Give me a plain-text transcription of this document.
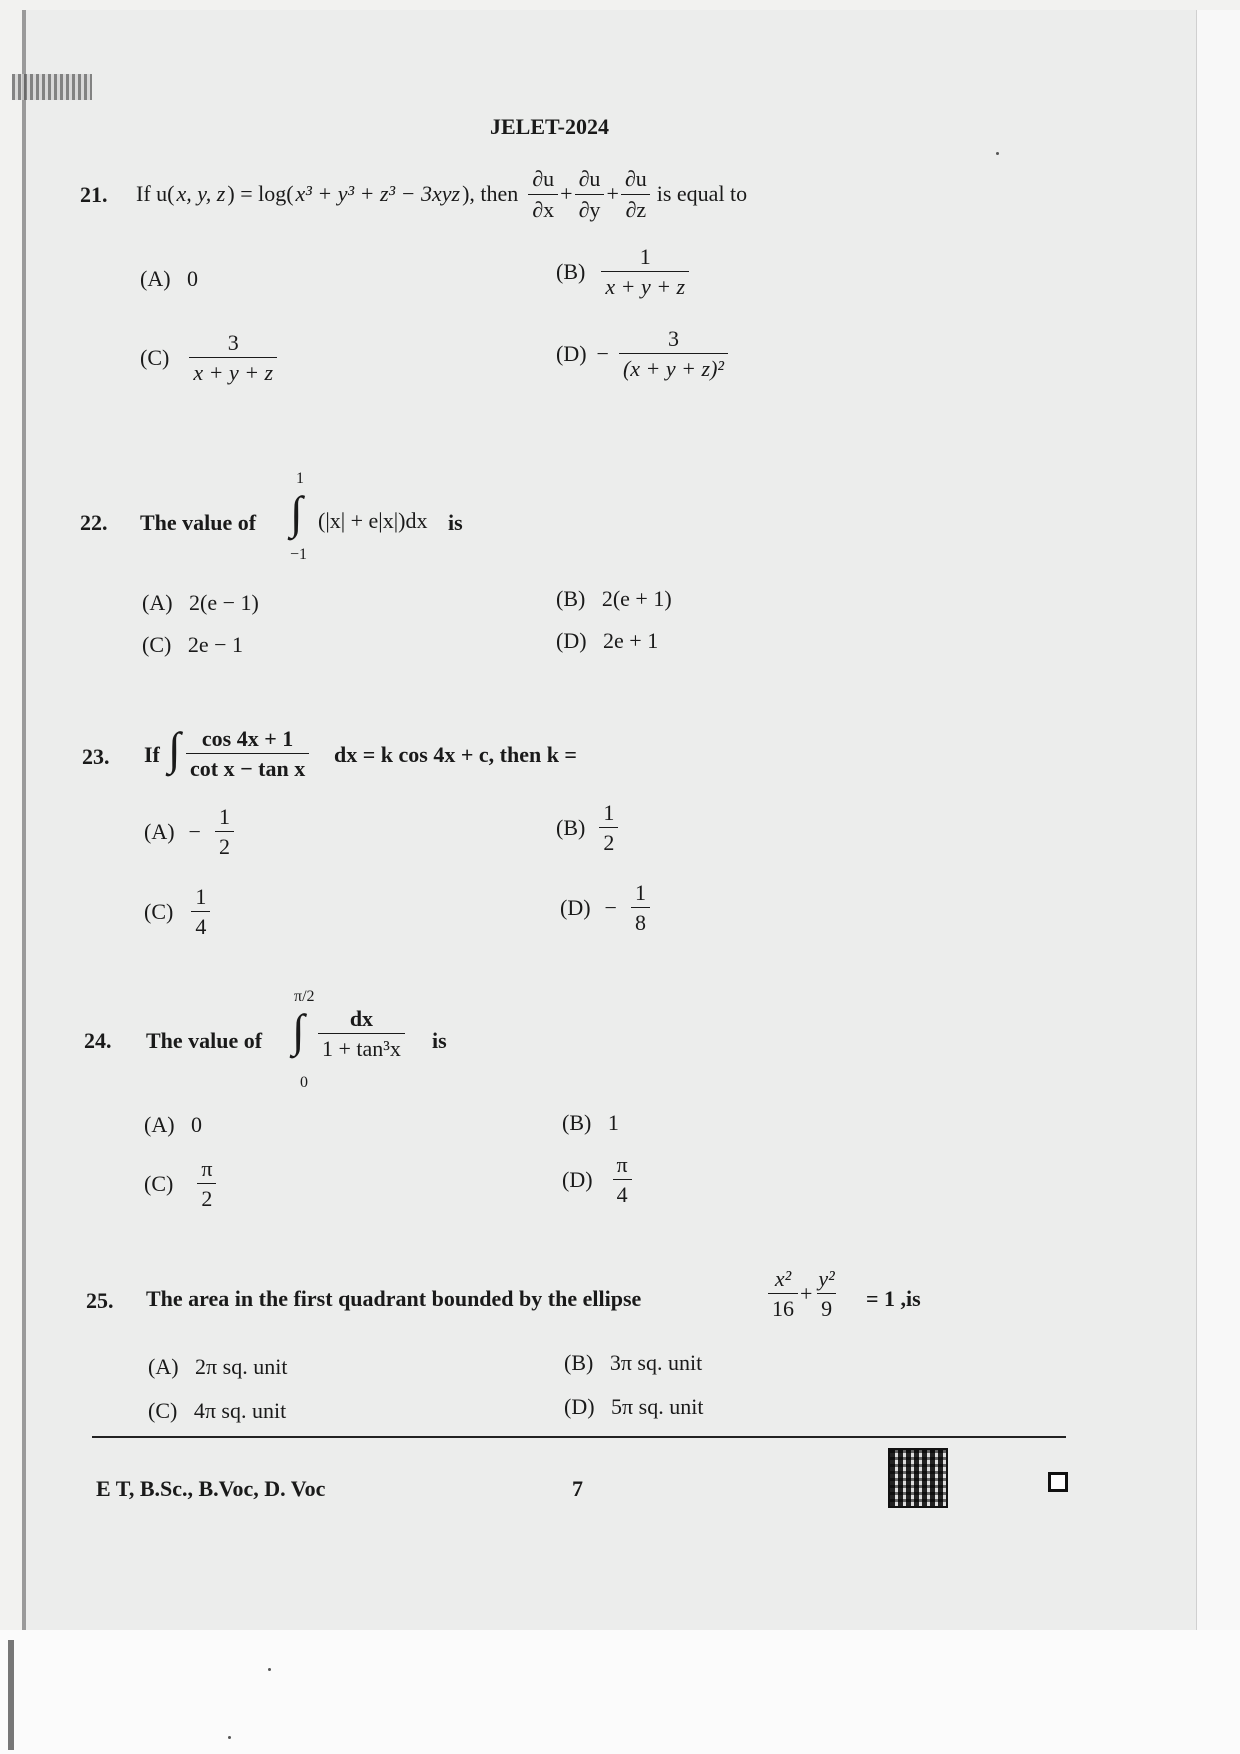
JELET-2024
21. If u( x, y, z ) = log( x³ + y³ + z³ − 3xyz ), then $\frac{\partial u}{\partial x} + \frac{\partial u}{\partial y} + \frac{\partial u}{\partial z}$ is equal to
(A) 0	$(B) \frac{1}{x + y + z}$
$(C) \frac{3}{x + y + z}$	$(D) - \frac{3}{\text{(x + y + z)²}}$
22. The value of
1
∫
−1
(|x| + e|x|)dx is
(A) 2(e − 1)	(B) 2(e + 1)
(C) 2e − 1	(D) 2e + 1
23. If ∫ $\frac{\cos 4x + 1}{\text{cot x − tan x}}$ dx = k cos 4x + c, then k =
$(A) - \frac{1}{2}$	$(B) \frac{1}{2}$
$(C) \frac{1}{4}$	$(D) - \frac{1}{8}$
24. The value of
π/2
∫
0
$\frac{dx}{\text{1 + tan³x}}$ is
(A) 0	(B) 1
$(C) \frac{\pi}{2}$	$(D) \frac{\pi}{4}$
25. The area in the first quadrant bounded by the ellipse	$\frac{\text{x²}}{16} + \frac{\text{y²}}{9} = 1$ ,is
(A) 2π sq. unit	(B) 3π sq. unit
(C) 4π sq. unit	(D) 5π sq. unit
E T, B.Sc., B.Voc, D. Voc	7
